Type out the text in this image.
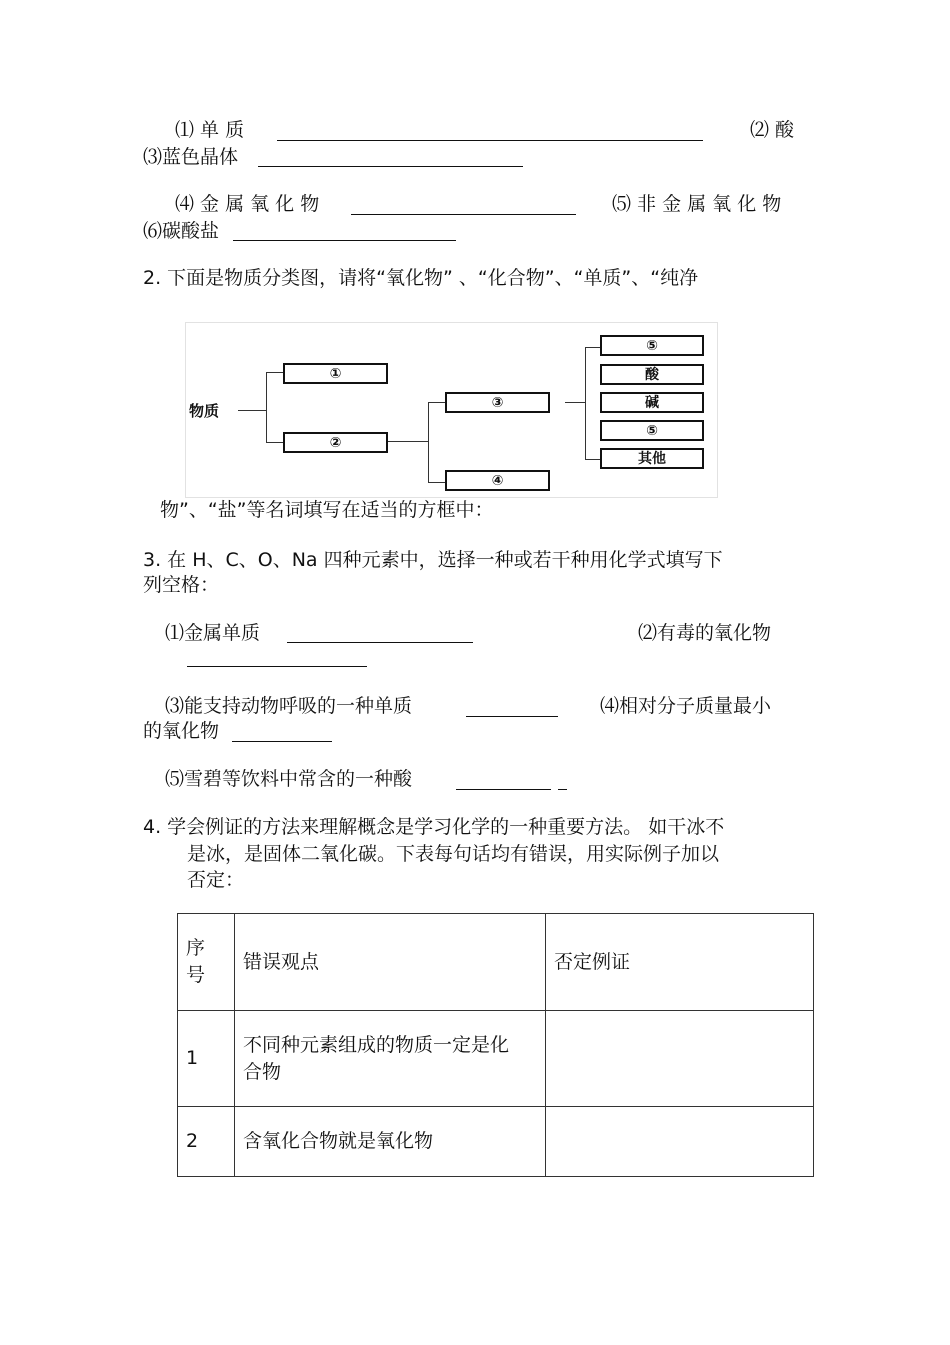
⑴ 单 质	⑵ 酸
⑶蓝色晶体
⑷ 金 属 氧 化 物	⑸ 非 金 属 氧 化 物
⑹碳酸盐
2. 下面是物质分类图，请将“氧化物” 、“化合物”、“单质”、“纯净
物质
①
②
③
④
⑤
酸
碱
⑤
其他
物”、“盐”等名词填写在适当的方框中：
3. 在 H、C、O、Na 四种元素中，选择一种或若干种用化学式填写下
列空格：
⑴金属单质	⑵有毒的氧化物
⑶能支持动物呼吸的一种单质	⑷相对分子质量最小
的氧化物
⑸雪碧等饮料中常含的一种酸
4. 学会例证的方法来理解概念是学习化学的一种重要方法。 如干冰不
是冰，是固体二氧化碳。下表每句话均有错误，用实际例子加以
否定：
序号	错误观点	否定例证
1	不同种元素组成的物质一定是化合物	

2	含氧化合物就是氧化物	
